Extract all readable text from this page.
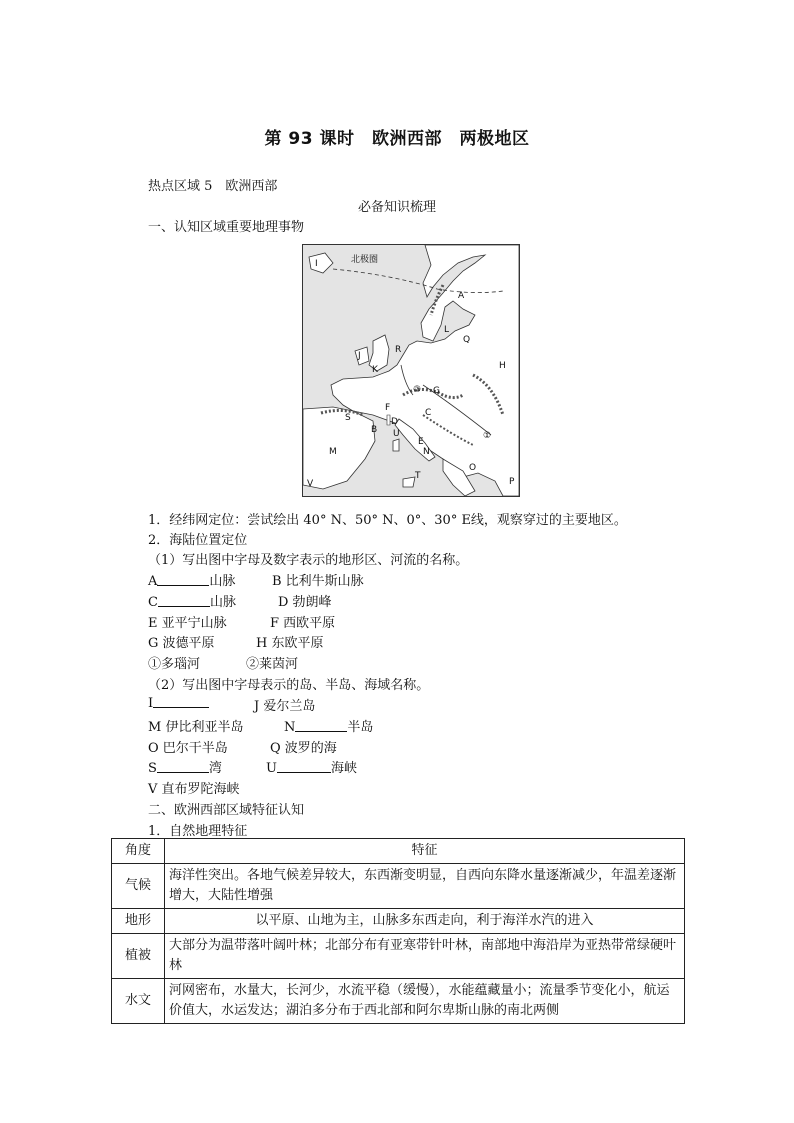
第 93 课时　欧洲西部　两极地区
热点区域 5　欧洲西部
必备知识梳理
一、认知区域重要地理事物
北极圈
I
A
L
Q
R
J
K	H
② G
F
S
B
D
C
E
①
M	N
O
T
U
V	P
1．经纬网定位：尝试绘出 40° N、50° N、0°、30° E线，观察穿过的主要地区。
2．海陆位置定位
（1）写出图中字母及数字表示的地形区、河流的名称。
A	山脉	B 比利牛斯山脉
C	山脉	D 勃朗峰
E 亚平宁山脉	F 西欧平原
G 波德平原	H 东欧平原
①多瑙河	②莱茵河
（2）写出图中字母表示的岛、半岛、海域名称。
I	J 爱尔兰岛
M 伊比利亚半岛	N	半岛
O 巴尔干半岛	Q 波罗的海
S	湾	U	海峡
V 直布罗陀海峡
二、欧洲西部区域特征认知
1．自然地理特征
角度	特征
气候	海洋性突出。各地气候差异较大，东西渐变明显，自西向东降水量逐渐减少，年温差逐渐增大，大陆性增强
地形	以平原、山地为主，山脉多东西走向，利于海洋水汽的进入
植被	大部分为温带落叶阔叶林；北部分布有亚寒带针叶林，南部地中海沿岸为亚热带常绿硬叶林
水文	河网密布，水量大，长河少，水流平稳（缓慢），水能蕴藏量小；流量季节变化小，航运价值大，水运发达；湖泊多分布于西北部和阿尔卑斯山脉的南北两侧
